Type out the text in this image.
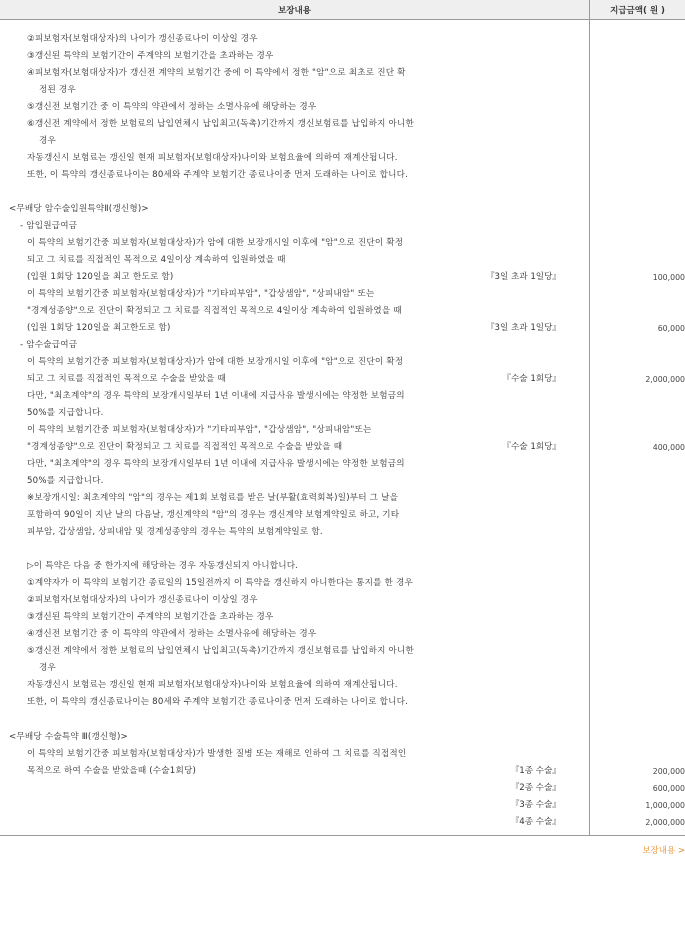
보장내용	지급금액( 원 )
②피보험자(보험대상자)의 나이가 갱신종료나이 이상일 경우
③갱신된 특약의 보험기간이 주계약의 보험기간을 초과하는 경우
④피보험자(보험대상자)가 갱신전 계약의 보험기간 중에 이 특약에서 정한 "암"으로 최초로 진단 확
정된 경우
⑤갱신전 보험기간 중 이 특약의 약관에서 정하는 소멸사유에 해당하는 경우
⑥갱신전 계약에서 정한 보험료의 납입연체시 납입최고(독촉)기간까지 갱신보험료를 납입하지 아니한
경우
자동갱신시 보험료는 갱신일 현재 피보험자(보험대상자)나이와 보험요율에 의하여 재계산됩니다.
또한, 이 특약의 갱신종료나이는 80세와 주계약 보험기간 종료나이중 먼저 도래하는 나이로 합니다.
<무배당 암수술입원특약Ⅱ(갱신형)>
- 암입원급여금
이 특약의 보험기간중 피보험자(보험대상자)가 암에 대한 보장개시일 이후에 "암"으로 진단이 확정
되고 그 치료를 직접적인 목적으로 4일이상 계속하여 입원하였을 때
(입원 1회당 120일을 최고 한도로 함)
이 특약의 보험기간중 피보험자(보험대상자)가 "기타피부암", "갑상샘암", "상피내암" 또는
"경계성종양"으로 진단이 확정되고 그 치료를 직접적인 목적으로 4일이상 계속하여 입원하였을 때
(입원 1회당 120일을 최고한도로 함)
- 암수술급여금
이 특약의 보험기간중 피보험자(보험대상자)가 암에 대한 보장개시일 이후에 "암"으로 진단이 확정
되고 그 치료를 직접적인 목적으로 수술을 받았을 때
다만, "최초계약"의 경우 특약의 보장개시일부터 1년 이내에 지급사유 발생시에는 약정한 보험금의
50%를 지급합니다.
이 특약의 보험기간중 피보험자(보험대상자)가 "기타피부암", "갑상샘암", "상피내암"또는
"경계성종양"으로 진단이 확정되고 그 치료를 직접적인 목적으로 수술을 받았을 때
다만, "최초계약"의 경우 특약의 보장개시일부터 1년 이내에 지급사유 발생시에는 약정한 보험금의
50%를 지급합니다.
※보장개시일: 최초계약의 "암"의 경우는 제1회 보험료를 받은 날(부활(효력회복)일)부터 그 날을
포함하여 90일이 지난 날의 다음날, 갱신계약의 "암"의 경우는 갱신계약 보험계약일로 하고, 기타
피부암, 갑상샘암, 상피내암 및 경계성종양의 경우는 특약의 보험계약일로 함.
▷이 특약은 다음 중 한가지에 해당하는 경우 자동갱신되지 아니합니다.
①계약자가 이 특약의 보험기간 종료일의 15일전까지 이 특약을 갱신하지 아니한다는 통지를 한 경우
②피보험자(보험대상자)의 나이가 갱신종료나이 이상일 경우
③갱신된 특약의 보험기간이 주계약의 보험기간을 초과하는 경우
④갱신전 보험기간 중 이 특약의 약관에서 정하는 소멸사유에 해당하는 경우
⑤갱신전 계약에서 정한 보험료의 납입연체시 납입최고(독촉)기간까지 갱신보험료를 납입하지 아니한
경우
자동갱신시 보험료는 갱신일 현재 피보험자(보험대상자)나이와 보험요율에 의하여 재계산됩니다.
또한, 이 특약의 갱신종료나이는 80세와 주계약 보험기간 종료나이중 먼저 도래하는 나이로 합니다.
<무배당 수술특약 Ⅲ(갱신형)>
이 특약의 보험기간중 피보험자(보험대상자)가 발생한 질병 또는 재해로 인하여 그 치료를 직접적인
목적으로 하여 수술을 받았을때 (수술1회당)
『3일 초과 1일당』
『3일 초과 1일당』
『수술 1회당』
『수술 1회당』
『1종 수술』
『2종 수술』
『3종 수술』
『4종 수술』
100,000
60,000
2,000,000
400,000
200,000
600,000
1,000,000
2,000,000
보장내용 >
